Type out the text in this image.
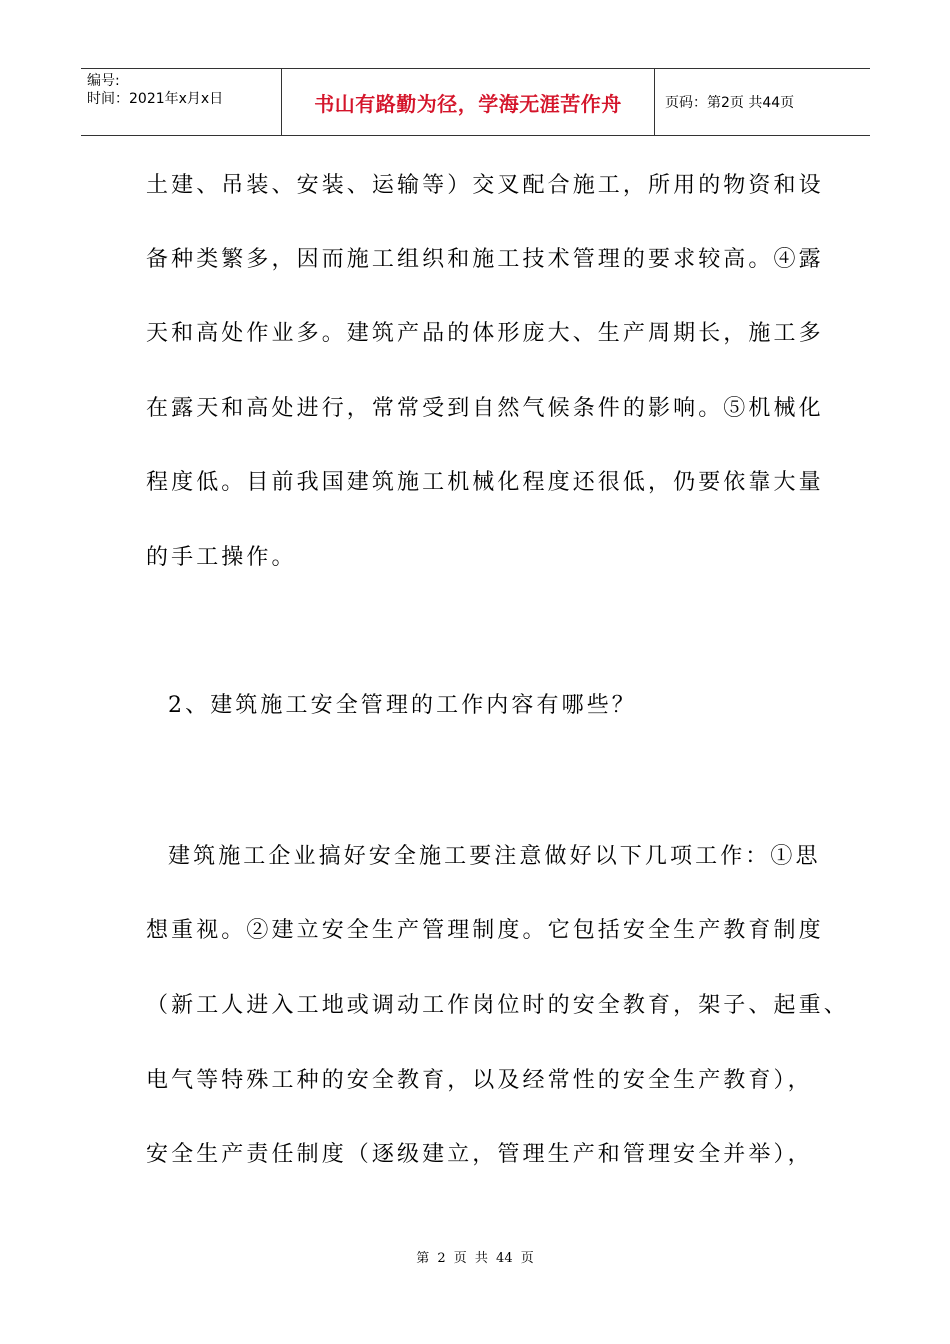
编号:
时间：2021年x月x日	书山有路勤为径，学海无涯苦作舟	页码：第2页 共44页
土建、吊装、安装、运输等）交叉配合施工，所用的物资和设
备种类繁多，因而施工组织和施工技术管理的要求较高。④露
天和高处作业多。建筑产品的体形庞大、生产周期长，施工多
在露天和高处进行，常常受到自然气候条件的影响。⑤机械化
程度低。目前我国建筑施工机械化程度还很低，仍要依靠大量
的手工操作。
2、建筑施工安全管理的工作内容有哪些？
建筑施工企业搞好安全施工要注意做好以下几项工作：①思
想重视。②建立安全生产管理制度。它包括安全生产教育制度
（新工人进入工地或调动工作岗位时的安全教育，架子、起重、
电气等特殊工种的安全教育，以及经常性的安全生产教育），
安全生产责任制度（逐级建立，管理生产和管理安全并举），
第 2 页 共 44 页
